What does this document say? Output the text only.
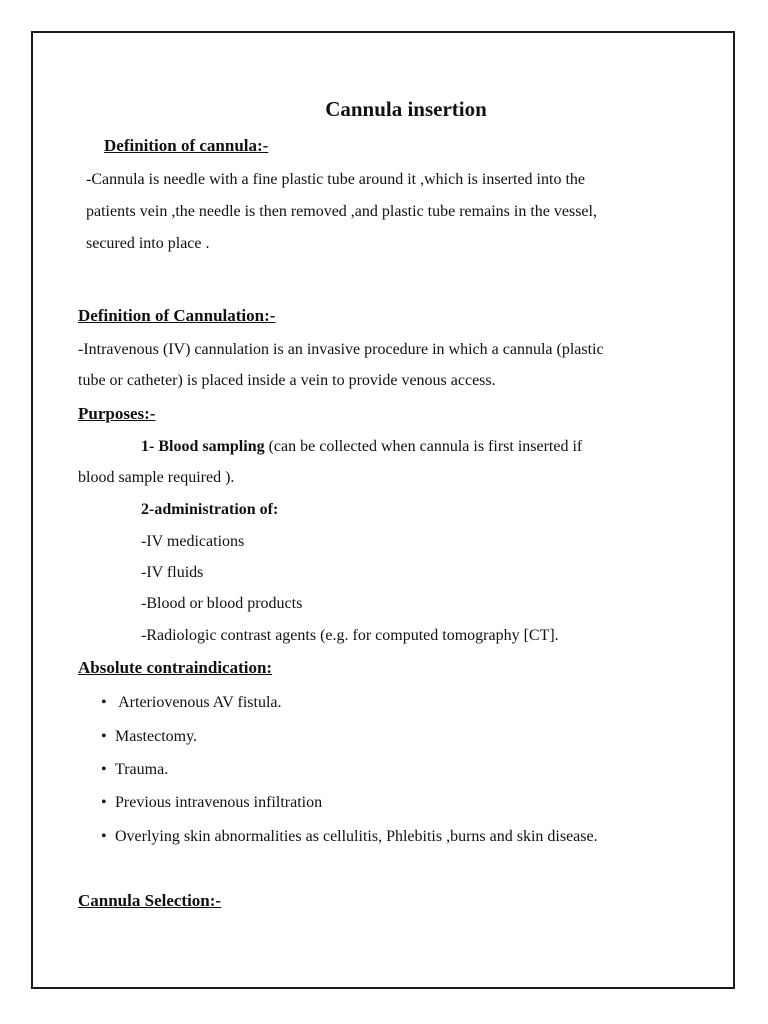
Cannula insertion
Definition of cannula:-
-Cannula is needle with a fine plastic tube around it ,which is inserted into the
patients vein ,the needle is then removed ,and plastic tube remains in the vessel,
secured into place .
Definition of Cannulation:-
-Intravenous (IV) cannulation is an invasive procedure in which a cannula (plastic
tube or catheter) is placed inside a vein to provide venous access.
Purposes:-
1- Blood sampling (can be collected when cannula is first inserted if
blood sample required ).
2-administration of:
-IV medications
-IV fluids
-Blood or blood products
-Radiologic contrast agents (e.g. for computed tomography [CT].
Absolute contraindication:
• Arteriovenous AV fistula.
• Mastectomy.
• Trauma.
• Previous intravenous infiltration
• Overlying skin abnormalities as cellulitis, Phlebitis ,burns and skin disease.
Cannula Selection:-
